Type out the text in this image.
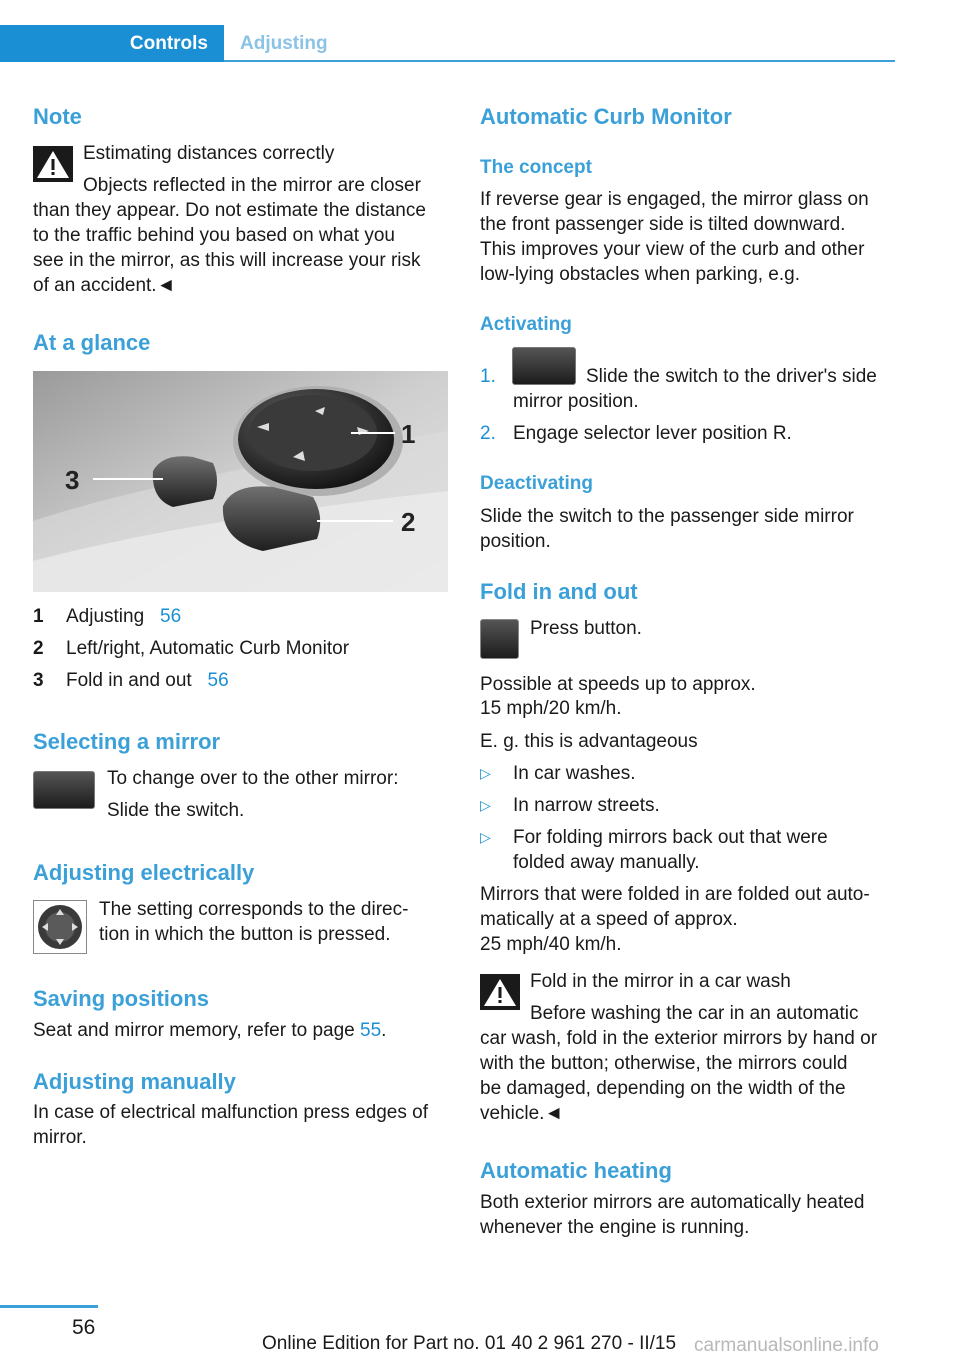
Controls	Adjusting
Note
Estimating distances correctly
Objects reflected in the mirror are closer
than they appear. Do not estimate the distance
to the traffic behind you based on what you
see in the mirror, as this will increase your risk
of an accident.◄
At a glance
1
2
3
1 Adjusting 56
2 Left/right, Automatic Curb Monitor
3 Fold in and out 56
Selecting a mirror
To change over to the other mirror:
Slide the switch.
Adjusting electrically
The setting corresponds to the direc‐
tion in which the button is pressed.
Saving positions
Seat and mirror memory, refer to page 55.
Adjusting manually
In case of electrical malfunction press edges of
mirror.
Automatic Curb Monitor
The concept
If reverse gear is engaged, the mirror glass on
the front passenger side is tilted downward.
This improves your view of the curb and other
low-lying obstacles when parking, e.g.
Activating
1.	Slide the switch to the driver's side
mirror position.
2. Engage selector lever position R.
Deactivating
Slide the switch to the passenger side mirror
position.
Fold in and out
Press button.
Possible at speeds up to approx.
15 mph/20 km/h.
E. g. this is advantageous
▷ In car washes.
▷ In narrow streets.
▷ For folding mirrors back out that were
folded away manually.
Mirrors that were folded in are folded out auto‐
matically at a speed of approx.
25 mph/40 km/h.
Fold in the mirror in a car wash
Before washing the car in an automatic
car wash, fold in the exterior mirrors by hand or
with the button; otherwise, the mirrors could
be damaged, depending on the width of the
vehicle.◄
Automatic heating
Both exterior mirrors are automatically heated
whenever the engine is running.
56
Online Edition for Part no. 01 40 2 961 270 - II/15 carmanualsonline.info
